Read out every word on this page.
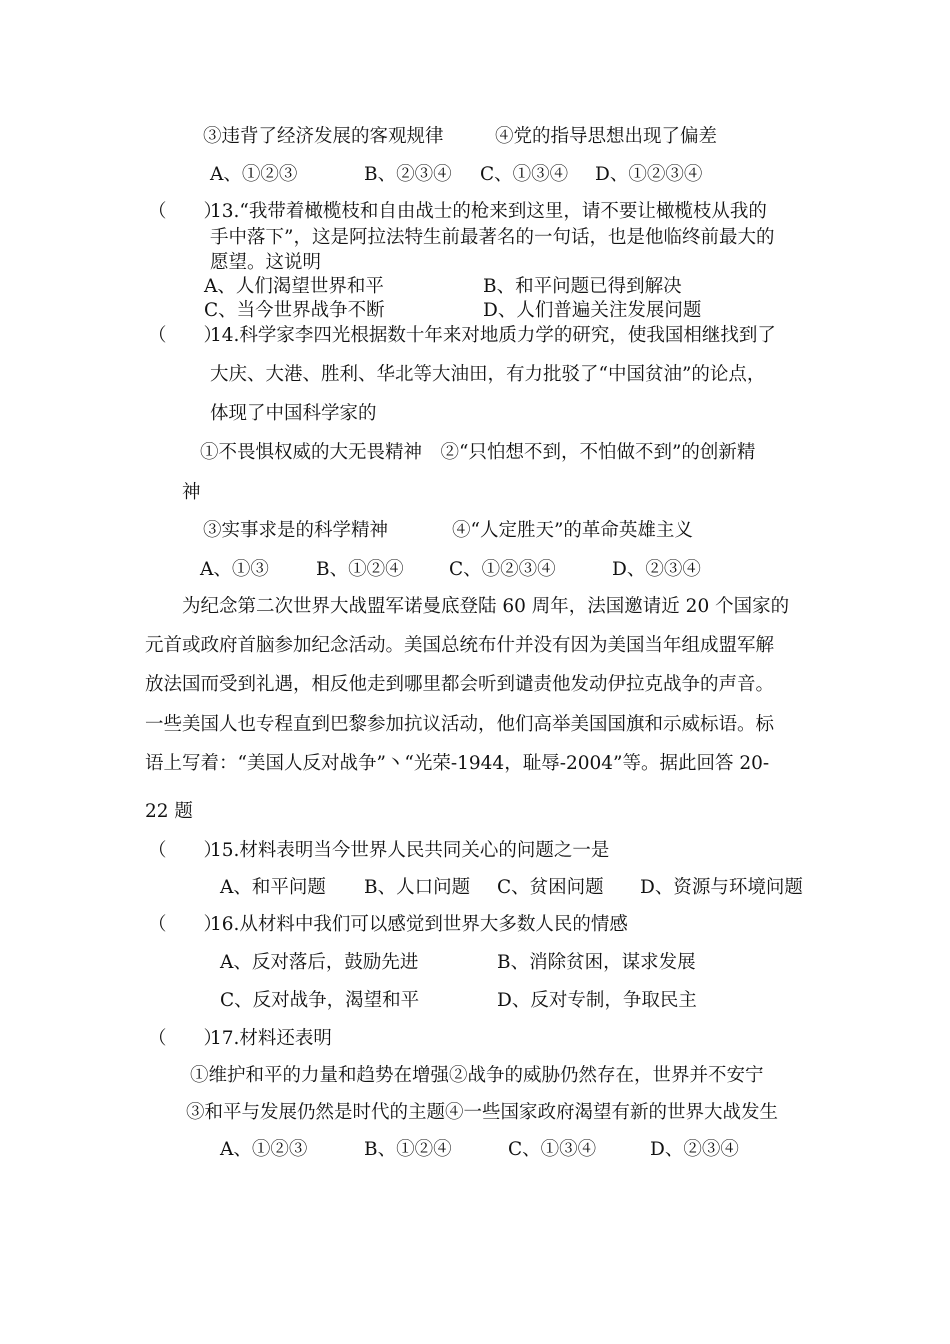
③违背了经济发展的客观规律	④党的指导思想出现了偏差
A、①②③	B、②③④ C、①③④ D、①②③④
（　　）
13.“我带着橄榄枝和自由战士的枪来到这里，请不要让橄榄枝从我的
手中落下”，这是阿拉法特生前最著名的一句话，也是他临终前最大的
愿望。这说明
A、人们渴望世界和平	B、和平问题已得到解决
C、当今世界战争不断	D、人们普遍关注发展问题
（　　）
14.科学家李四光根据数十年来对地质力学的研究，使我国相继找到了
大庆、大港、胜利、华北等大油田，有力批驳了“中国贫油”的论点，
体现了中国科学家的
①不畏惧权威的大无畏精神　②“只怕想不到，不怕做不到”的创新精
神
③实事求是的科学精神	④“人定胜天”的革命英雄主义
A、①③	B、①②④ C、①②③④	D、②③④
为纪念第二次世界大战盟军诺曼底登陆 60 周年，法国邀请近 20 个国家的
元首或政府首脑参加纪念活动。美国总统布什并没有因为美国当年组成盟军解
放法国而受到礼遇，相反他走到哪里都会听到谴责他发动伊拉克战争的声音。
一些美国人也专程直到巴黎参加抗议活动，他们高举美国国旗和示威标语。标
语上写着：“美国人反对战争”丶“光荣-1944，耻辱-2004”等。据此回答 20-
22 题
（　　）
15.材料表明当今世界人民共同关心的问题之一是
A、和平问题 B、人口问题 C、贫困问题 D、资源与环境问题
（　　）
16.从材料中我们可以感觉到世界大多数人民的情感
A、反对落后，鼓励先进	B、消除贫困，谋求发展
C、反对战争，渴望和平	D、反对专制，争取民主
（　　）
17.材料还表明
①维护和平的力量和趋势在增强②战争的威胁仍然存在，世界并不安宁
③和平与发展仍然是时代的主题④一些国家政府渴望有新的世界大战发生
A、①②③	B、①②④	C、①③④	D、②③④
